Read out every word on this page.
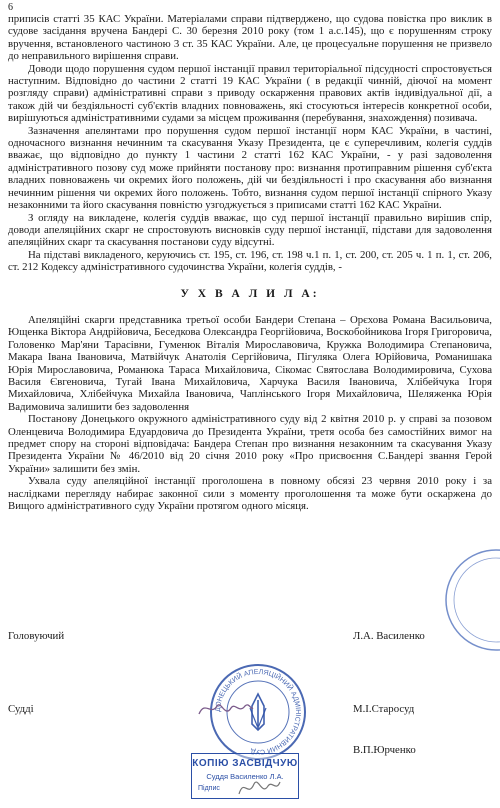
6

приписів статті 35 КАС України. Матеріалами справи підтверджено, що судова повістка про виклик в судове засідання вручена Бандері С. 30 березня 2010 року (том 1 а.с.145), що є порушенням строку вручення, встановленого частиною 3 ст. 35 КАС України. Але, це процесуальне порушення не призвело до неправильного вирішення справи.

Доводи щодо порушення судом першої інстанції правил територіальної підсудності спростовується наступним. Відповідно до частини 2 статті 19 КАС України ( в редакції чинній, діючої на момент розгляду справи) адміністративні справи з приводу оскарження правових актів індивідуальної дії, а також дій чи бездіяльності суб'єктів владних повноважень, які стосуються інтересів конкретної особи, вирішуються адміністративними судами за місцем проживання (перебування, знахождення) позивача.

Зазначення апелянтами про порушення судом першої інстанції норм КАС України, в частині, одночасного визнання нечинним та скасування Указу Президента, це є суперечливим, колегія суддів вважає, що відповідно до пункту 1 частини 2 статті 162 КАС України, - у разі задоволення адміністративного позову суд може прийняти постанову про: визнання протиправним рішення суб'єкта владних повноважень чи окремих його положень, дій чи бездіяльності і про скасування або визнання нечинним рішення чи окремих його положень. Тобто, визнання судом першої інстанції спірного Указу незаконними та його скасування повністю узгоджується з приписами статті 162 КАС України.

З огляду на викладене, колегія суддів вважає, що суд першої інстанції правильно вирішив спір, доводи апеляційних скарг не спростовують висновків суду першої інстанції, підстави для задоволення апеляційних скарг та скасування постанови суду відсутні.

На підставі викладеного, керуючись ст. 195, ст. 196, ст. 198 ч.1 п. 1, ст. 200, ст. 205 ч. 1 п. 1, ст. 206, ст. 212 Кодексу адміністративного судочинства України, колегія суддів, -

У Х В А Л И Л А:

Апеляційні скарги представника третьої особи Бандери Степана – Орєхова Романа Васильовича, Ющенка Віктора Андрійовича, Беседкова Олександра Георгійовича, Воскобойникова Ігоря Григоровича, Головенко Мар'яни Тарасівни, Гуменюк Віталія Мирославовича, Кружка Володимира Степановича, Макара Івана Івановича, Матвійчук Анатолія Сергійовича, Пігуляка Олега Юрійовича, Романишака Юрія Мирославовича, Романюка Тараса Михайловича, Сікомас Святослава Володимировича, Сухова Василя Євгеновича, Тугай Івана Михайловича, Харчука Василя Івановича, Хлібейчука Ігоря Михайловича, Хлібейчука Михайла Івановича, Чаплінського Ігоря Михайловича, Шеляженка Юрія Вадимовича залишити без задоволення

Постанову Донецького окружного адміністративного суду від 2 квітня 2010 р. у справі за позовом Оленцевича Володимира Едуардовича до Президента України, третя особа без самостійних вимог на предмет спору на стороні відповідача: Бандера Степан про визнання незаконним та скасування Указу Президента України № 46/2010 від 20 січня 2010 року «Про присвоєння С.Бандері звання Герой України» залишити без змін.

Ухвала суду апеляційної інстанції проголошена в повному обсязі 23 червня 2010 року і за наслідками перегляду набирає законної сили з моменту проголошення та може бути оскаржена до Вищого адміністративного суду України протягом одного місяця.

Головуючий	Л.А. Василенко
Судді	М.І.Старосуд
В.П.Юрченко
ДОНЕЦЬКИЙ АПЕЛЯЦІЙНИЙ АДМІНІСТРАТИВНИЙ СУД
КОПІЮ ЗАСВІДЧУЮ
Суддя Василенко Л.А.
Підпис
